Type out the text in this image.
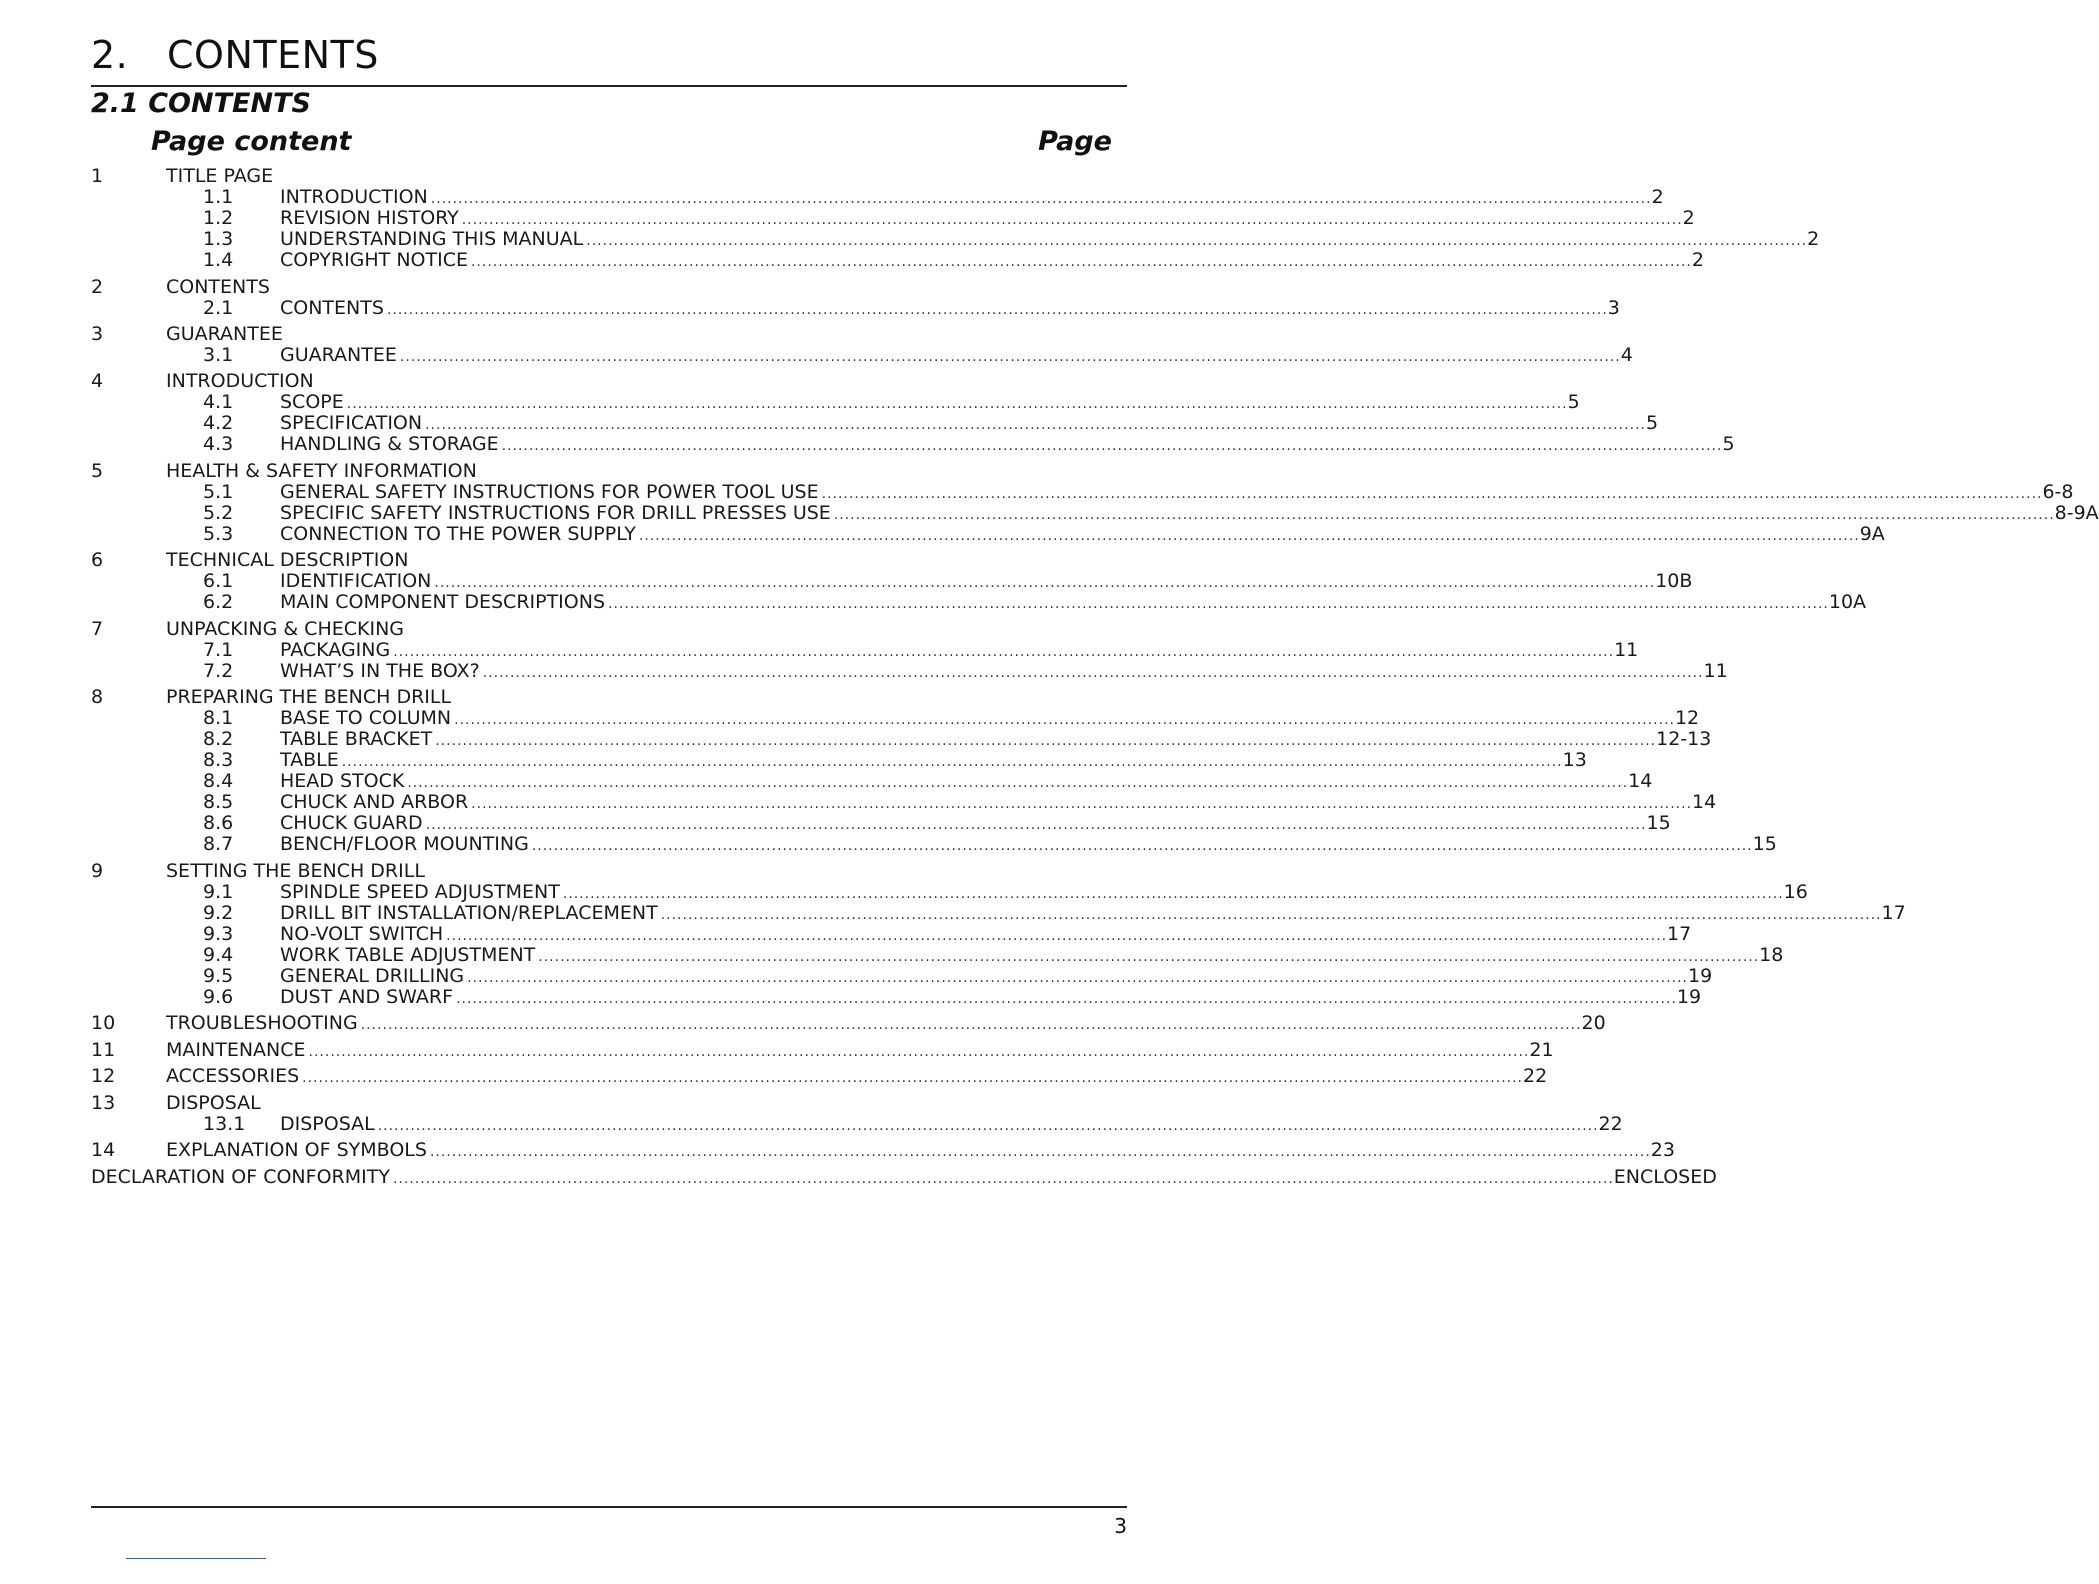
2. CONTENTS
2.1 CONTENTS
Page content	Page
1	TITLE PAGE
1.1 INTRODUCTION ................................................................................................................................................................................................................................ 2
1.2 REVISION HISTORY ................................................................................................................................................................................................................................ 2
1.3 UNDERSTANDING THIS MANUAL ................................................................................................................................................................................................................................ 2
1.4 COPYRIGHT NOTICE ................................................................................................................................................................................................................................ 2
2	CONTENTS
2.1 CONTENTS ................................................................................................................................................................................................................................ 3
3	GUARANTEE
3.1 GUARANTEE ................................................................................................................................................................................................................................ 4
4	INTRODUCTION
4.1 SCOPE ................................................................................................................................................................................................................................ 5
4.2 SPECIFICATION ................................................................................................................................................................................................................................ 5
4.3 HANDLING & STORAGE ................................................................................................................................................................................................................................ 5
5	HEALTH & SAFETY INFORMATION
5.1 GENERAL SAFETY INSTRUCTIONS FOR POWER TOOL USE ................................................................................................................................................................................................................................ 6-8
5.2 SPECIFIC SAFETY INSTRUCTIONS FOR DRILL PRESSES USE ................................................................................................................................................................................................................................ 8-9A
5.3 CONNECTION TO THE POWER SUPPLY ................................................................................................................................................................................................................................ 9A
6	TECHNICAL DESCRIPTION
6.1 IDENTIFICATION ................................................................................................................................................................................................................................ 10B
6.2 MAIN COMPONENT DESCRIPTIONS ................................................................................................................................................................................................................................ 10A
7	UNPACKING & CHECKING
7.1 PACKAGING ................................................................................................................................................................................................................................ 11
7.2 WHAT’S IN THE BOX? ................................................................................................................................................................................................................................ 11
8	PREPARING THE BENCH DRILL
8.1 BASE TO COLUMN ................................................................................................................................................................................................................................ 12
8.2 TABLE BRACKET ................................................................................................................................................................................................................................ 12-13
8.3 TABLE ................................................................................................................................................................................................................................ 13
8.4 HEAD STOCK ................................................................................................................................................................................................................................ 14
8.5 CHUCK AND ARBOR ................................................................................................................................................................................................................................ 14
8.6 CHUCK GUARD ................................................................................................................................................................................................................................ 15
8.7 BENCH/FLOOR MOUNTING ................................................................................................................................................................................................................................ 15
9	SETTING THE BENCH DRILL
9.1 SPINDLE SPEED ADJUSTMENT ................................................................................................................................................................................................................................ 16
9.2 DRILL BIT INSTALLATION/REPLACEMENT ................................................................................................................................................................................................................................ 17
9.3 NO-VOLT SWITCH ................................................................................................................................................................................................................................ 17
9.4 WORK TABLE ADJUSTMENT ................................................................................................................................................................................................................................ 18
9.5 GENERAL DRILLING ................................................................................................................................................................................................................................ 19
9.6 DUST AND SWARF ................................................................................................................................................................................................................................ 19
10	TROUBLESHOOTING ................................................................................................................................................................................................................................ 20
11	MAINTENANCE ................................................................................................................................................................................................................................ 21
12	ACCESSORIES ................................................................................................................................................................................................................................ 22
13	DISPOSAL
13.1 DISPOSAL ................................................................................................................................................................................................................................ 22
14	EXPLANATION OF SYMBOLS ................................................................................................................................................................................................................................ 23
DECLARATION OF CONFORMITY ................................................................................................................................................................................................................................ ENCLOSED
3
